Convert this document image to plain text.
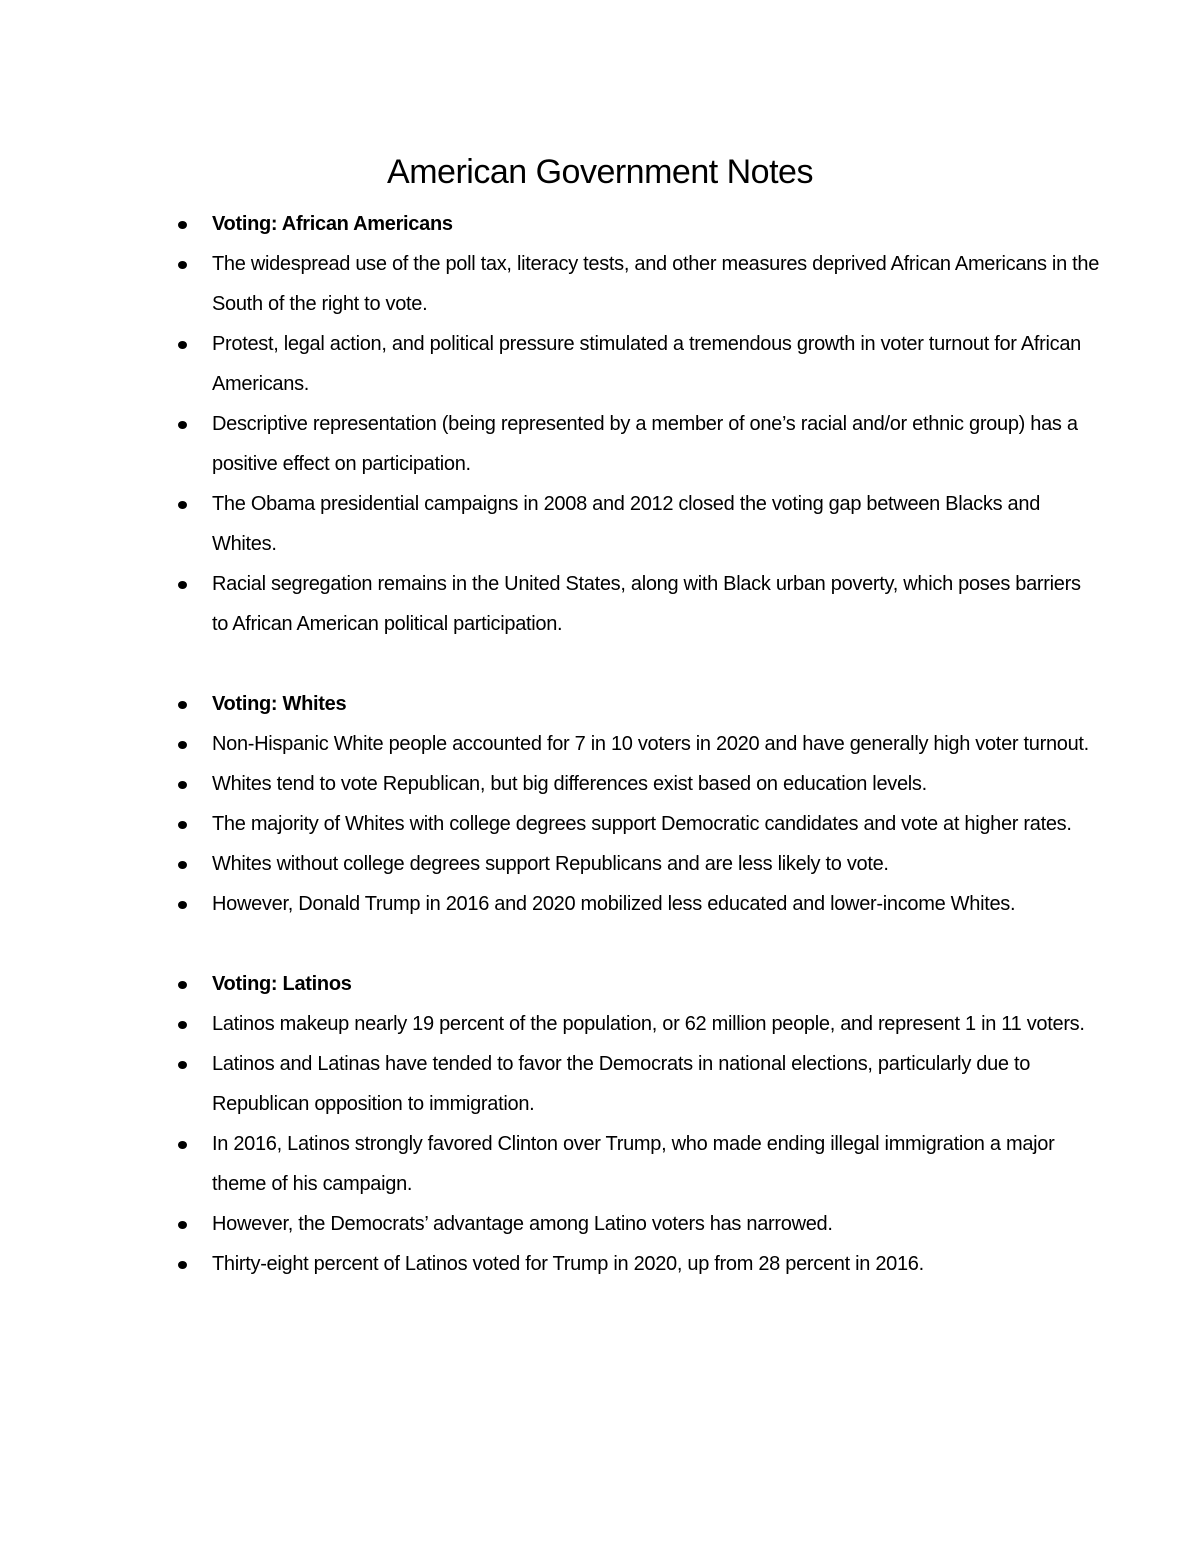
American Government Notes
Voting: African Americans
The widespread use of the poll tax, literacy tests, and other measures deprived African Americans in the South of the right to vote.
Protest, legal action, and political pressure stimulated a tremendous growth in voter turnout for African Americans.
Descriptive representation (being represented by a member of one’s racial and/or ethnic group) has a positive effect on participation.
The Obama presidential campaigns in 2008 and 2012 closed the voting gap between Blacks and Whites.
Racial segregation remains in the United States, along with Black urban poverty, which poses barriers to African American political participation.
Voting: Whites
Non-Hispanic White people accounted for 7 in 10 voters in 2020 and have generally high voter turnout.
Whites tend to vote Republican, but big differences exist based on education levels.
The majority of Whites with college degrees support Democratic candidates and vote at higher rates.
Whites without college degrees support Republicans and are less likely to vote.
However, Donald Trump in 2016 and 2020 mobilized less educated and lower-income Whites.
Voting: Latinos
Latinos makeup nearly 19 percent of the population, or 62 million people, and represent 1 in 11 voters.
Latinos and Latinas have tended to favor the Democrats in national elections, particularly due to Republican opposition to immigration.
In 2016, Latinos strongly favored Clinton over Trump, who made ending illegal immigration a major theme of his campaign.
However, the Democrats’ advantage among Latino voters has narrowed.
Thirty-eight percent of Latinos voted for Trump in 2020, up from 28 percent in 2016.
